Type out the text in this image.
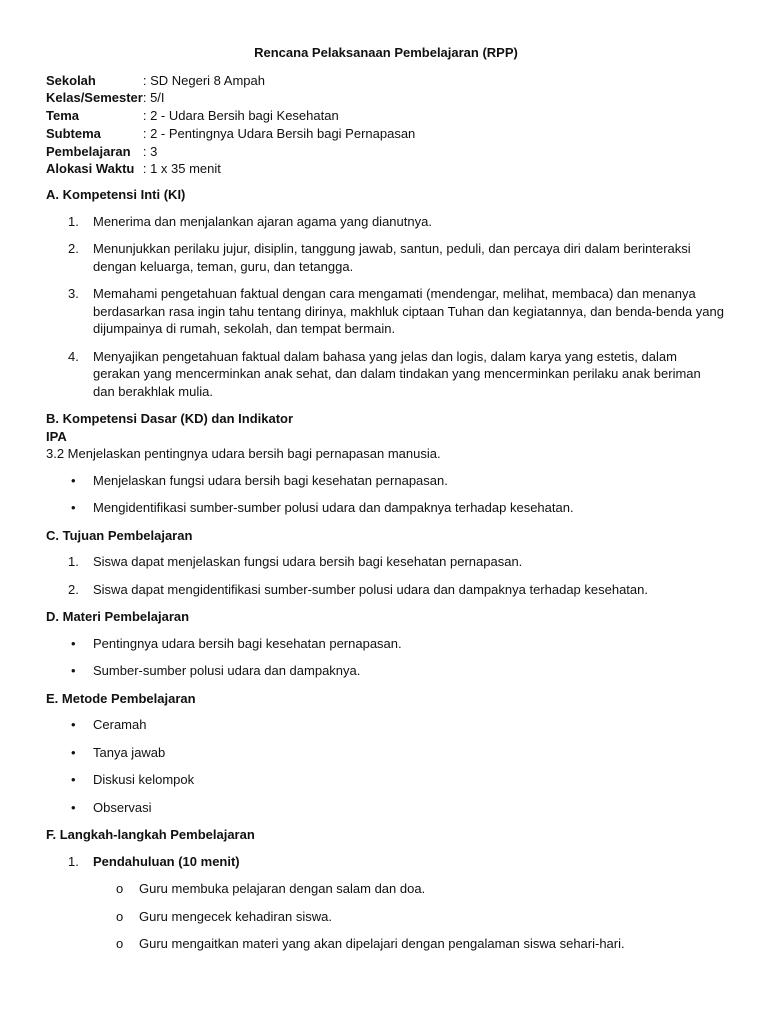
Rencana Pelaksanaan Pembelajaran (RPP)
Sekolah	: SD Negeri 8 Ampah
Kelas/Semester	: 5/I
Tema	: 2 - Udara Bersih bagi Kesehatan
Subtema	: 2 - Pentingnya Udara Bersih bagi Pernapasan
Pembelajaran	: 3
Alokasi Waktu	: 1 x 35 menit
A. Kompetensi Inti (KI)
1. Menerima dan menjalankan ajaran agama yang dianutnya.
2. Menunjukkan perilaku jujur, disiplin, tanggung jawab, santun, peduli, dan percaya diri dalam berinteraksi dengan keluarga, teman, guru, dan tetangga.
3. Memahami pengetahuan faktual dengan cara mengamati (mendengar, melihat, membaca) dan menanya berdasarkan rasa ingin tahu tentang dirinya, makhluk ciptaan Tuhan dan kegiatannya, dan benda-benda yang dijumpainya di rumah, sekolah, dan tempat bermain.
4. Menyajikan pengetahuan faktual dalam bahasa yang jelas dan logis, dalam karya yang estetis, dalam gerakan yang mencerminkan anak sehat, dan dalam tindakan yang mencerminkan perilaku anak beriman dan berakhlak mulia.
B. Kompetensi Dasar (KD) dan Indikator
IPA
3.2 Menjelaskan pentingnya udara bersih bagi pernapasan manusia.
• Menjelaskan fungsi udara bersih bagi kesehatan pernapasan.
• Mengidentifikasi sumber-sumber polusi udara dan dampaknya terhadap kesehatan.
C. Tujuan Pembelajaran
1. Siswa dapat menjelaskan fungsi udara bersih bagi kesehatan pernapasan.
2. Siswa dapat mengidentifikasi sumber-sumber polusi udara dan dampaknya terhadap kesehatan.
D. Materi Pembelajaran
• Pentingnya udara bersih bagi kesehatan pernapasan.
• Sumber-sumber polusi udara dan dampaknya.
E. Metode Pembelajaran
• Ceramah
• Tanya jawab
• Diskusi kelompok
• Observasi
F. Langkah-langkah Pembelajaran
1. Pendahuluan (10 menit)
o Guru membuka pelajaran dengan salam dan doa.
o Guru mengecek kehadiran siswa.
o Guru mengaitkan materi yang akan dipelajari dengan pengalaman siswa sehari-hari.
